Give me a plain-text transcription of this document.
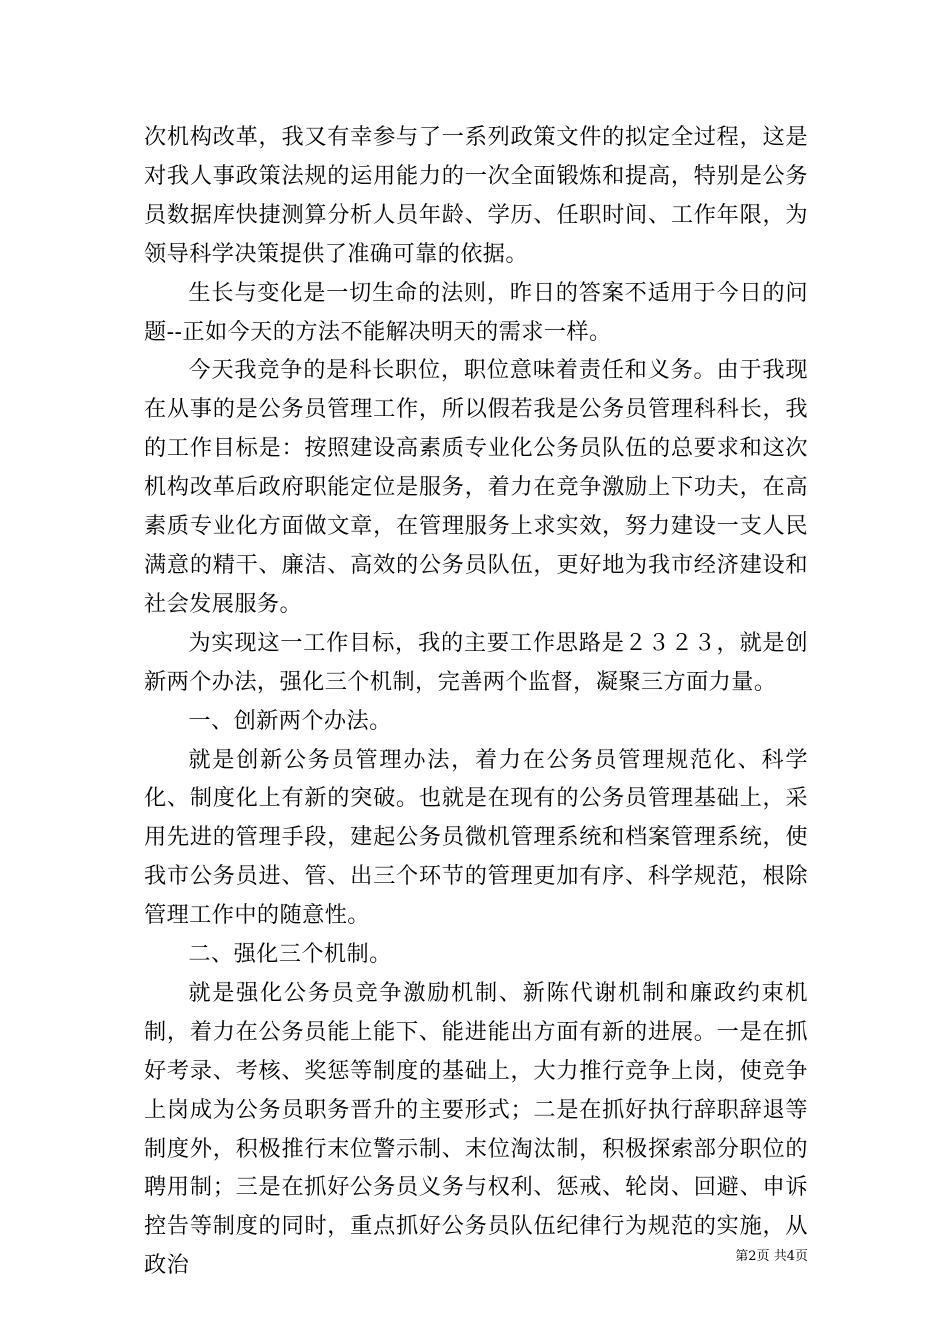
次机构改革，我又有幸参与了一系列政策文件的拟定全过程，这是对我人事政策法规的运用能力的一次全面锻炼和提高，特别是公务员数据库快捷测算分析人员年龄、学历、任职时间、工作年限，为领导科学决策提供了准确可靠的依据。

生长与变化是一切生命的法则，昨日的答案不适用于今日的问题--正如今天的方法不能解决明天的需求一样。

今天我竞争的是科长职位，职位意味着责任和义务。由于我现在从事的是公务员管理工作，所以假若我是公务员管理科科长，我的工作目标是：按照建设高素质专业化公务员队伍的总要求和这次机构改革后政府职能定位是服务，着力在竞争激励上下功夫，在高素质专业化方面做文章，在管理服务上求实效，努力建设一支人民满意的精干、廉洁、高效的公务员队伍，更好地为我市经济建设和社会发展服务。

为实现这一工作目标，我的主要工作思路是２３２３，就是创新两个办法，强化三个机制，完善两个监督，凝聚三方面力量。

一、创新两个办法。

就是创新公务员管理办法，着力在公务员管理规范化、科学化、制度化上有新的突破。也就是在现有的公务员管理基础上，采用先进的管理手段，建起公务员微机管理系统和档案管理系统，使我市公务员进、管、出三个环节的管理更加有序、科学规范，根除管理工作中的随意性。

二、强化三个机制。

就是强化公务员竞争激励机制、新陈代谢机制和廉政约束机制，着力在公务员能上能下、能进能出方面有新的进展。一是在抓好考录、考核、奖惩等制度的基础上，大力推行竞争上岗，使竞争上岗成为公务员职务晋升的主要形式；二是在抓好执行辞职辞退等制度外，积极推行末位警示制、末位淘汰制，积极探索部分职位的聘用制；三是在抓好公务员义务与权利、惩戒、轮岗、回避、申诉控告等制度的同时，重点抓好公务员队伍纪律行为规范的实施，从政治	第2页 共4页
